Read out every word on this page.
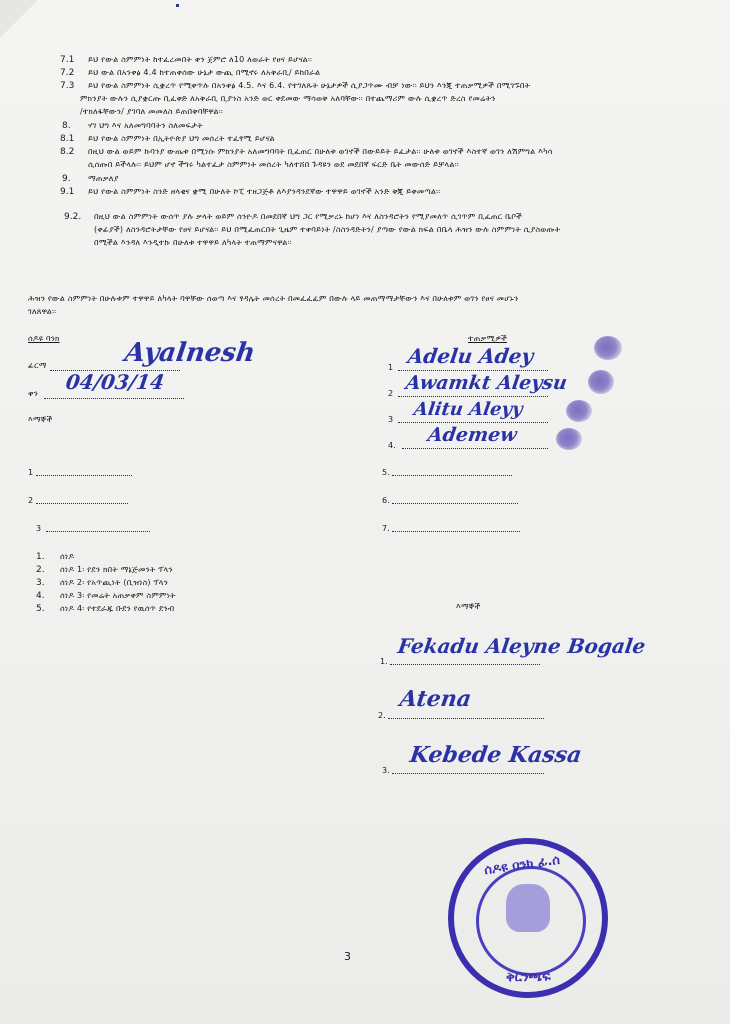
7.1 ይህ የውል ስምምነት ከተፈረመበት ቀን ጀምሮ ለ10 ለወራት የፀና ይሆናል፡፡
7.2 ይህ ውል በአንቀፅ 4.4 ከተጠቀሰው ሁኔታ ውጪ በሚኖሩ ለአቅራቢ/ ይከበራል
7.3 ይህ የውል ስምምነት ሲቋረጥ የሚቀጥሉ በአንቀፅ 4.5. እና 6.4. የተገለጹት ሁኔታዎች ሲያጋጥሙ ብቻ ነው፡፡ ይህን እንጂ ተጠቃሚዎች በሚገኙበት
ምክንያት ውሉን ሲያቋርጡ ቢፈቀድ ለአቅራቢ ቢያንስ አንድ ወር ቀደመው ማሳወቅ አለባቸው፡፡ በተጨማሪም ውሉ ሲቋረጥ ድረስ የመሬትን
/ተክለፋቸውን/ ያገባለ መመለስ ይጠበቅባቸዋል፡፡
8. ሃገ ህግ እና አለመግባባትን ስለመፍታት
8.1 ይህ የውል ስምምነት በኢትዮጵያ ህግ መሰረት ተፈፃሚ ይሆናል
8.2 በዚህ ውል ወይም ኩባንያ ውጤቱ በሚነሱ ምክንያት አለመግባባት ቢፈጠር በሁለቱ ወገኖች በውይይት ይፈታል፡፡ ሁለቱ ወገኖች እስተኛ ወገን ለሽምግል እካሳ
ሲሰጡበ ይችላሉ፡፡ ይህም ሆኖ ችግሩ ካልተፈታ ስምምነት መሰረት ካለተሸበ ጉዳዩን ወደ መደበኛ ፍርድ ቤት መውሰድ ይቻላል፡፡
9. ማጠቃለያ
9.1 ይህ የውል ስምምነት ስንድ ዘላቂና ቋሚ በሁለት ኮፒ ተዘጋጅቶ ለእያንዳንደኛው ተዋዋይ ወገኖች አንድ ቅጂ ይቀመጣል፡፡
9.2. በዚህ ውል ስምምነት ውሰጥ ያሉ ቃላት ወይም ሰንዮዶ በመደበኛ ህግ ጋር የሚቃረኑ ከሆነ እና ለስንዳሮትን የሚያመለጥ ሲገጥም ቢፈጠር ቤቦች
(ቀፊያች) ለስንዳሮትታቸው የፀና ይሆናል፡፡ ይህ በሚፈጠርበት ጊዜም ተቀባይነት /ስስንዳድትን/ ያጣው የውል ክፍል በቤላ ሕዝን ውሉ ስምምነት ሲያስወጡት
በሚችል እንዳለ እንዲተኩ በሁለቱ ተዋዋይ ለካላት ተጠማምናዋል፡፡
ሕዝን የውል ስምምነት በሁሉቱም ተዋዋይ ለካላት ባዋቸው ሰወጣ እና ፃዳሌት መሰረት በመፈፈፈም በውሉ ላይ መጠማማታቸውን እና በሁለቱም ወገን የፀና መሆኑን
ገለጸዋል፡፡
ሰዶዩ ባንክ
ፊርማ	Ayalnesh
ቀን 04/03/14
እማኞች
ተጠቃሚዎች
1 Adelu Adey
2 Awamkt Aleysu
3 Alitu Aleyy
4. Ademew
1
2
3
5.
6.
7.
1. ሰነዶ
2. ሰነዶ 1፡ የደን ክበት ማኔጅመንት ፕላን
3. ሰነዶ 2፡ የአጥጪነት (ቢዝነስ) ፕላን
4. ሰነዶ 3፡ የመሬት አጠቃቀም ስምምነት
5. ሰነዶ 4፡ የተደራጁ ቡደን የዉሰጥ ደንብ	እማኞች
1.
Fekadu Aleyne Bogale
2.
Atena
3.
Kebede Kassa
ሰዶዩ ባንክ ፊ.ሰ
ቅርንጫፍ
3
